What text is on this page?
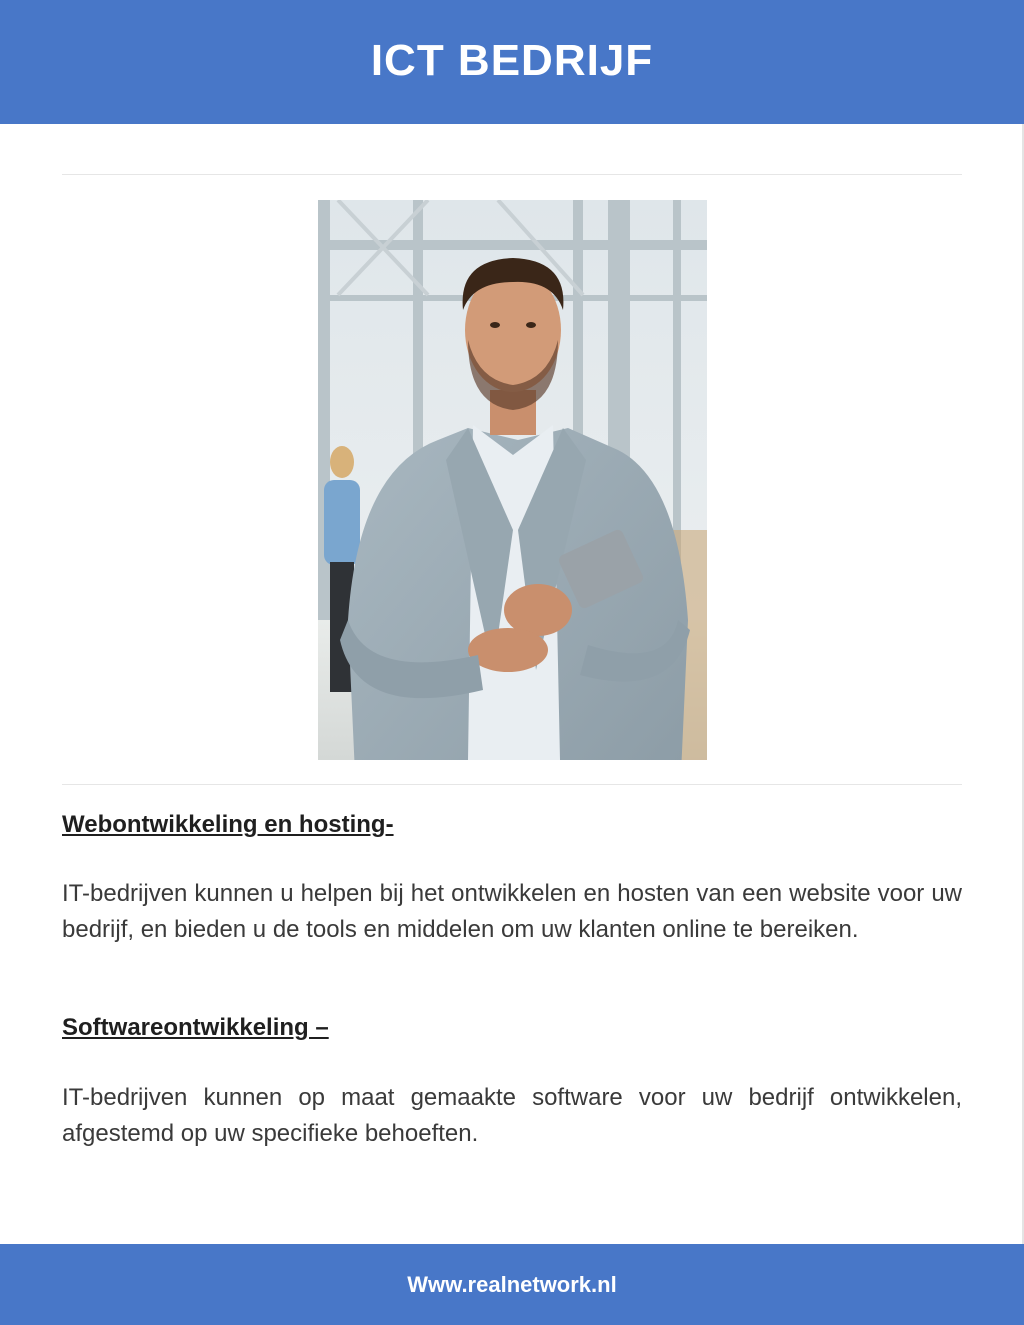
ICT BEDRIJF
Webontwikkeling en hosting-

IT-bedrijven kunnen u helpen bij het ontwikkelen en hosten van een website voor uw bedrijf, en bieden u de tools en middelen om uw klanten online te bereiken.

Softwareontwikkeling –

IT-bedrijven kunnen op maat gemaakte software voor uw bedrijf ontwikkelen, afgestemd op uw specifieke behoeften.

Www.realnetwork.nl
